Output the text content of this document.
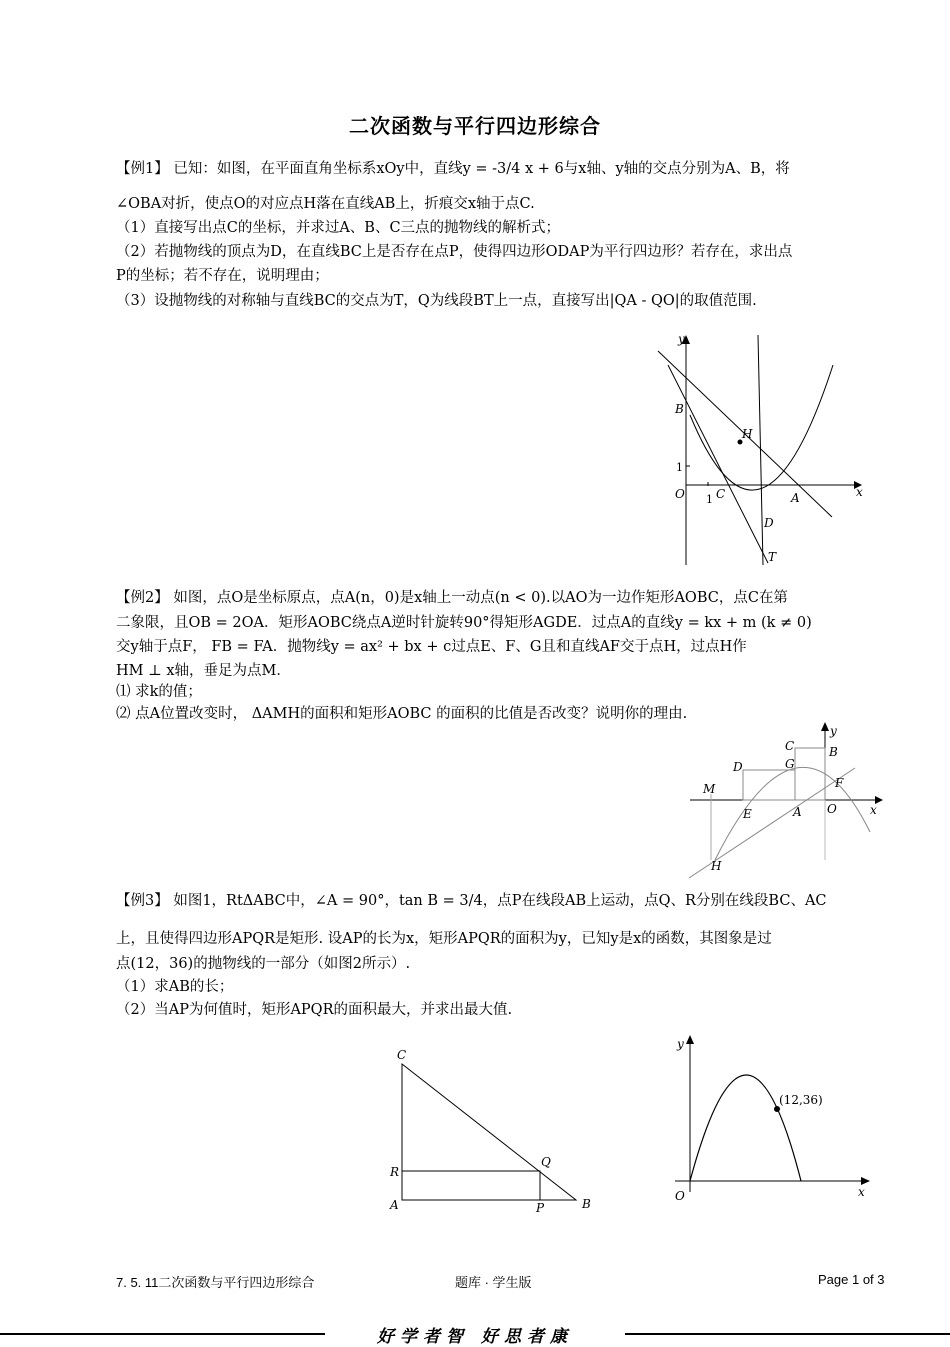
二次函数与平行四边形综合
【例1】 已知：如图，在平面直角坐标系xOy中，直线y = -3/4 x + 6与x轴、y轴的交点分别为A、B，将
∠OBA对折，使点O的对应点H落在直线AB上，折痕交x轴于点C.
（1）直接写出点C的坐标，并求过A、B、C三点的抛物线的解析式；
（2）若抛物线的顶点为D，在直线BC上是否存在点P，使得四边形ODAP为平行四边形？若存在，求出点
P的坐标；若不存在，说明理由；
（3）设抛物线的对称轴与直线BC的交点为T，Q为线段BT上一点，直接写出|QA - QO|的取值范围.
y
x
B
H
1
O 1 C	A
D
T
【例2】 如图，点O是坐标原点，点A(n，0)是x轴上一动点(n < 0).以AO为一边作矩形AOBC，点C在第
二象限，且OB = 2OA．矩形AOBC绕点A逆时针旋转90°得矩形AGDE．过点A的直线y = kx + m (k ≠ 0)
交y轴于点F， FB = FA．抛物线y = ax² + bx + c过点E、F、G且和直线AF交于点H，过点H作
HM ⊥ x轴，垂足为点M．
⑴ 求k的值；
⑵ 点A位置改变时， ΔAMH的面积和矩形AOBC 的面积的比值是否改变？说明你的理由.
y
C	B
D	G
F
M
E	A O	x
H
【例3】 如图1，RtΔABC中，∠A = 90°，tan B = 3/4，点P在线段AB上运动，点Q、R分别在线段BC、AC
上，且使得四边形APQR是矩形. 设AP的长为x，矩形APQR的面积为y，已知y是x的函数，其图象是过
点(12，36)的抛物线的一部分（如图2所示）.
（1）求AB的长；
（2）当AP为何值时，矩形APQR的面积最大，并求出最大值.
C
Q
R
A	P	B
y
(12,36)
O	x
7. 5. 11二次函数与平行四边形综合	题库 · 学生版	Page 1 of 3
好学者智 好思者康
